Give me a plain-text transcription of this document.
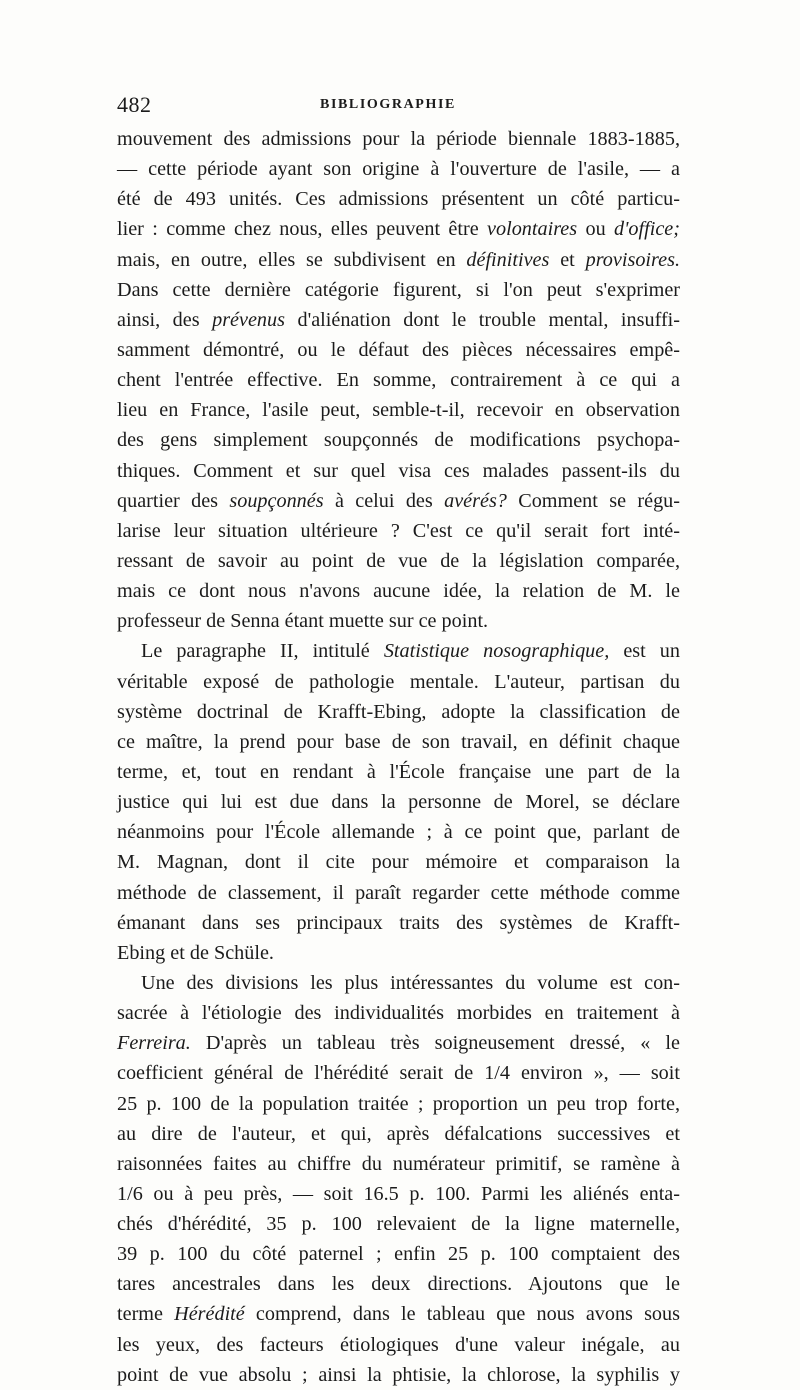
482	BIBLIOGRAPHIE
mouvement des admissions pour la période biennale 1883-1885,
— cette période ayant son origine à l'ouverture de l'asile, — a
été de 493 unités. Ces admissions présentent un côté particu-
lier : comme chez nous, elles peuvent être volontaires ou d'office;
mais, en outre, elles se subdivisent en définitives et provisoires.
Dans cette dernière catégorie figurent, si l'on peut s'exprimer
ainsi, des prévenus d'aliénation dont le trouble mental, insuffi-
samment démontré, ou le défaut des pièces nécessaires empê-
chent l'entrée effective. En somme, contrairement à ce qui a
lieu en France, l'asile peut, semble-t-il, recevoir en observation
des gens simplement soupçonnés de modifications psychopa-
thiques. Comment et sur quel visa ces malades passent-ils du
quartier des soupçonnés à celui des avérés? Comment se régu-
larise leur situation ultérieure ? C'est ce qu'il serait fort inté-
ressant de savoir au point de vue de la législation comparée,
mais ce dont nous n'avons aucune idée, la relation de M. le
professeur de Senna étant muette sur ce point.
Le paragraphe II, intitulé Statistique nosographique, est un
véritable exposé de pathologie mentale. L'auteur, partisan du
système doctrinal de Krafft-Ebing, adopte la classification de
ce maître, la prend pour base de son travail, en définit chaque
terme, et, tout en rendant à l'École française une part de la
justice qui lui est due dans la personne de Morel, se déclare
néanmoins pour l'École allemande ; à ce point que, parlant de
M. Magnan, dont il cite pour mémoire et comparaison la
méthode de classement, il paraît regarder cette méthode comme
émanant dans ses principaux traits des systèmes de Krafft-
Ebing et de Schüle.
Une des divisions les plus intéressantes du volume est con-
sacrée à l'étiologie des individualités morbides en traitement à
Ferreira. D'après un tableau très soigneusement dressé, « le
coefficient général de l'hérédité serait de 1/4 environ », — soit
25 p. 100 de la population traitée ; proportion un peu trop forte,
au dire de l'auteur, et qui, après défalcations successives et
raisonnées faites au chiffre du numérateur primitif, se ramène à
1/6 ou à peu près, — soit 16.5 p. 100. Parmi les aliénés enta-
chés d'hérédité, 35 p. 100 relevaient de la ligne maternelle,
39 p. 100 du côté paternel ; enfin 25 p. 100 comptaient des
tares ancestrales dans les deux directions. Ajoutons que le
terme Hérédité comprend, dans le tableau que nous avons sous
les yeux, des facteurs étiologiques d'une valeur inégale, au
point de vue absolu ; ainsi la phtisie, la chlorose, la syphilis y
